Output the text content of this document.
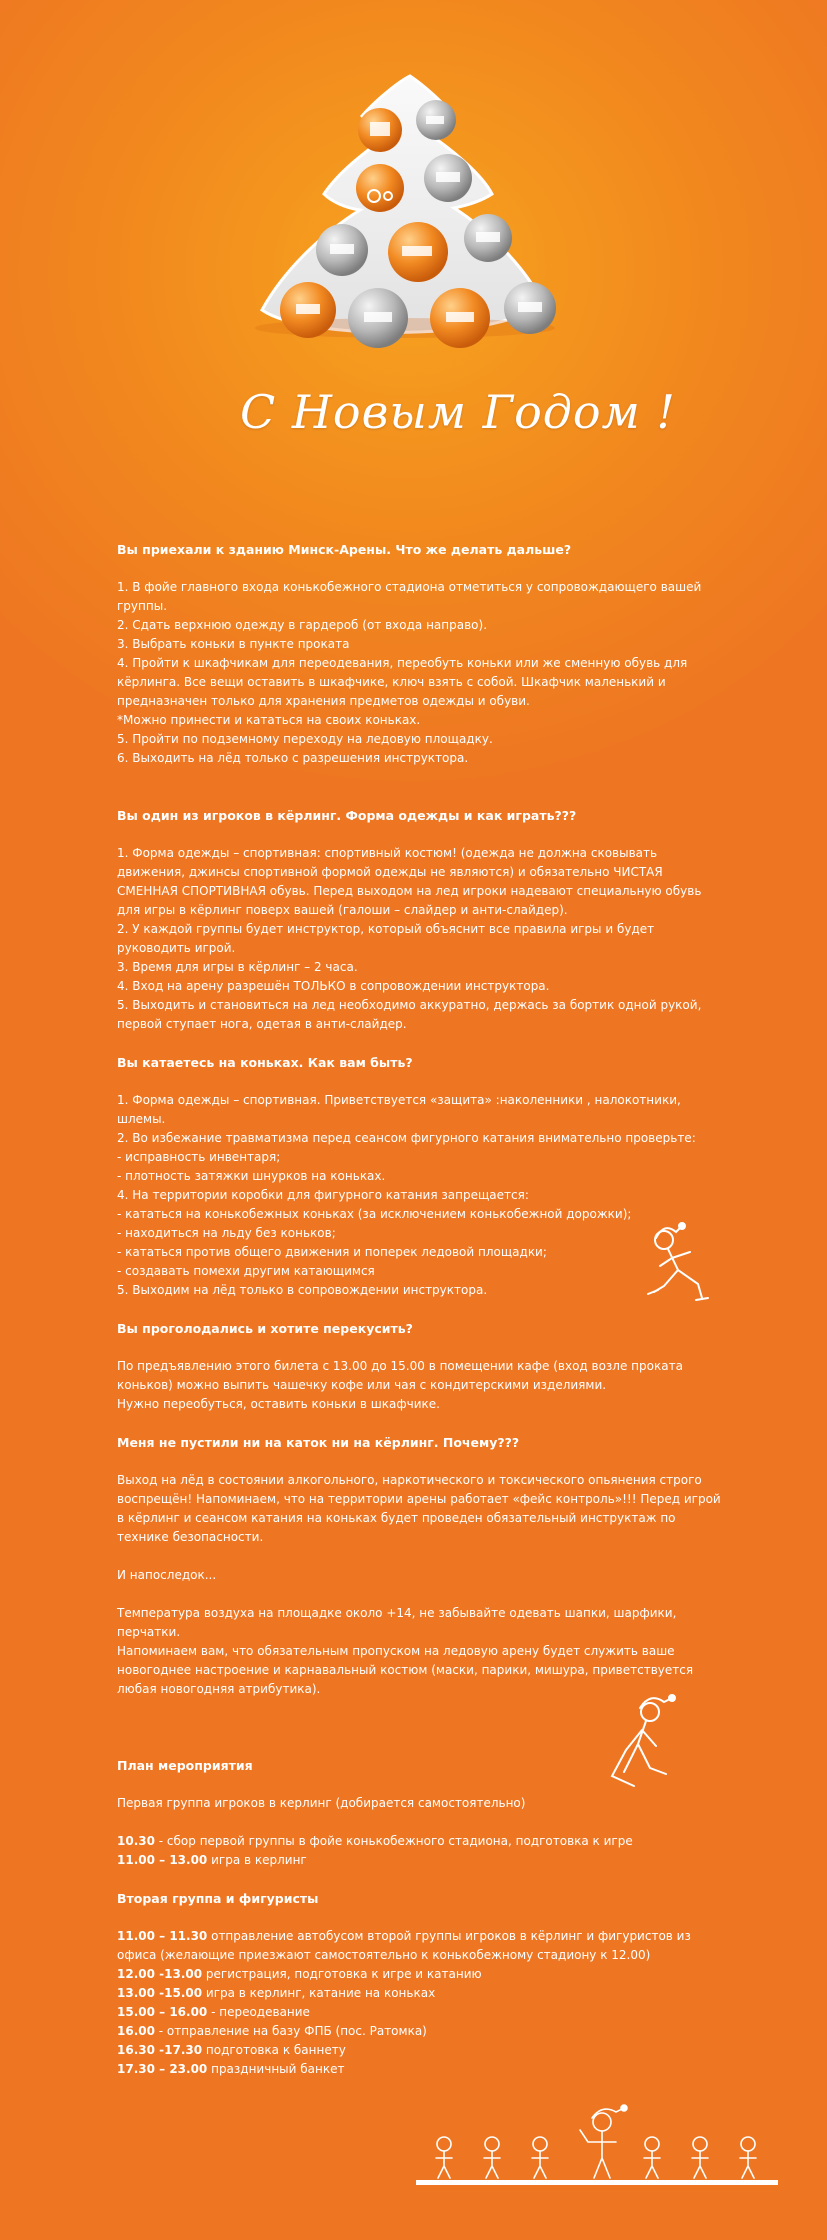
С Новым Годом !

Вы приехали к зданию Минск-Арены. Что же делать дальше?

1. В фойе главного входа конькобежного стадиона отметиться у сопровождающего вашей группы.

2. Сдать верхнюю одежду в гардероб (от входа направо).

3. Выбрать коньки в пункте проката

4. Пройти к шкафчикам для переодевания, переобуть коньки или же сменную обувь для кёрлинга. Все вещи оставить в шкафчике, ключ взять с собой. Шкафчик маленький и предназначен только для хранения предметов одежды и обуви.

*Можно принести и кататься на своих коньках.

5. Пройти по подземному переходу на ледовую площадку.

6. Выходить на лёд только с разрешения инструктора.

Вы один из игроков в кёрлинг. Форма одежды и как играть???

1. Форма одежды – спортивная: спортивный костюм! (одежда не должна сковывать движения, джинсы спортивной формой одежды не являются) и обязательно ЧИСТАЯ СМЕННАЯ СПОРТИВНАЯ обувь. Перед выходом на лед игроки надевают специальную обувь для игры в кёрлинг поверх вашей (галоши – слайдер и анти-слайдер).

2. У каждой группы будет инструктор, который объяснит все правила игры и будет руководить игрой.

3. Время для игры в кёрлинг – 2 часа.

4. Вход на арену разрешён ТОЛЬКО в сопровождении инструктора.

5. Выходить и становиться на лед необходимо аккуратно, держась за бортик одной рукой, первой ступает нога, одетая в анти-слайдер.

Вы катаетесь на коньках. Как вам быть?

1. Форма одежды – спортивная. Приветствуется «защита» :наколенники , налокотники, шлемы.

2. Во избежание травматизма перед сеансом фигурного катания внимательно проверьте:

- исправность инвентаря;

- плотность затяжки шнурков на коньках.

4. На территории коробки для фигурного катания запрещается:

- кататься на конькобежных коньках (за исключением конькобежной дорожки);

- находиться на льду без коньков;

- кататься против общего движения и поперек ледовой площадки;

- создавать помехи другим катающимся

5. Выходим на лёд только в сопровождении инструктора.

Вы проголодались и хотите перекусить?

По предъявлению этого билета с 13.00 до 15.00 в помещении кафе (вход возле проката коньков) можно выпить чашечку кофе или чая с кондитерскими изделиями.

Нужно переобуться, оставить коньки в шкафчике.

Меня не пустили ни на каток ни на кёрлинг. Почему???

Выход на лёд в состоянии алкогольного, наркотического и токсического опьянения строго воспрещён! Напоминаем, что на территории арены работает «фейс контроль»!!! Перед игрой в кёрлинг и сеансом катания на коньках будет проведен обязательный инструктаж по технике безопасности.

И напоследок...

Температура воздуха на площадке около +14, не забывайте одевать шапки, шарфики, перчатки.

Напоминаем вам, что обязательным пропуском на ледовую арену будет служить ваше новогоднее настроение и карнавальный костюм (маски, парики, мишура, приветствуется любая новогодняя атрибутика).

План мероприятия

Первая группа игроков в керлинг (добирается самостоятельно)

10.30 - сбор первой группы в фойе конькобежного стадиона, подготовка к игре

11.00 – 13.00 игра в керлинг

Вторая группа и фигуристы

11.00 – 11.30 отправление автобусом второй группы игроков в кёрлинг и фигуристов из офиса (желающие приезжают самостоятельно к конькобежному стадиону к 12.00)

12.00 -13.00 регистрация, подготовка к игре и катанию

13.00 -15.00 игра в керлинг, катание на коньках

15.00 – 16.00 - переодевание

16.00 - отправление на базу ФПБ (пос. Ратомка)

16.30 -17.30 подготовка к баннету

17.30 – 23.00 праздничный банкет
